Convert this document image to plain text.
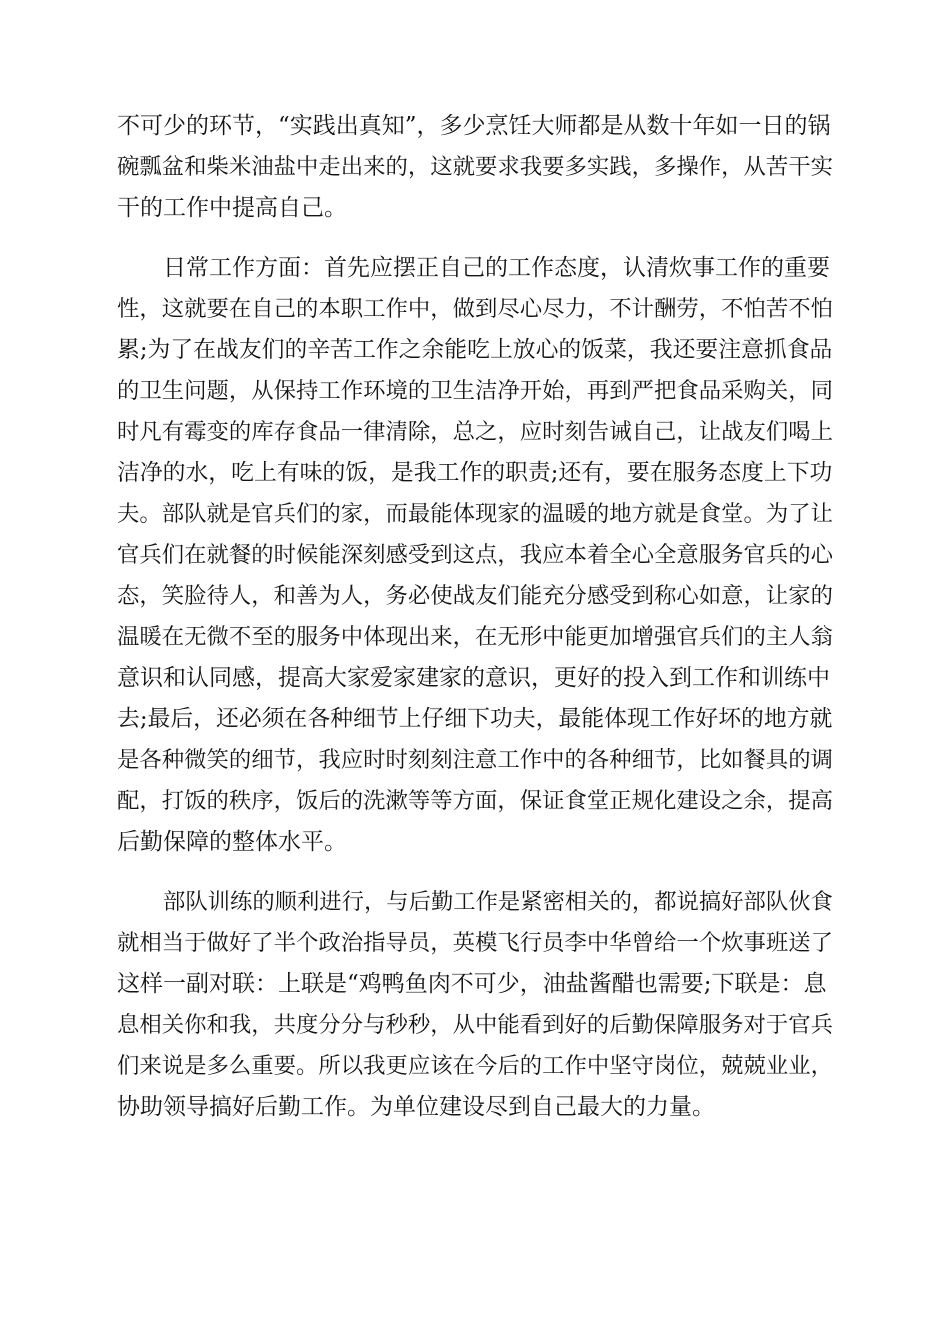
不可少的环节，“实践出真知”，多少烹饪大师都是从数十年如一日的锅
碗瓢盆和柴米油盐中走出来的，这就要求我要多实践，多操作，从苦干实
干的工作中提高自己。
日常工作方面：首先应摆正自己的工作态度，认清炊事工作的重要
性，这就要在自己的本职工作中，做到尽心尽力，不计酬劳，不怕苦不怕
累;为了在战友们的辛苦工作之余能吃上放心的饭菜，我还要注意抓食品
的卫生问题，从保持工作环境的卫生洁净开始，再到严把食品采购关，同
时凡有霉变的库存食品一律清除，总之，应时刻告诫自己，让战友们喝上
洁净的水，吃上有味的饭，是我工作的职责;还有，要在服务态度上下功
夫。部队就是官兵们的家，而最能体现家的温暖的地方就是食堂。为了让
官兵们在就餐的时候能深刻感受到这点，我应本着全心全意服务官兵的心
态，笑脸待人，和善为人，务必使战友们能充分感受到称心如意，让家的
温暖在无微不至的服务中体现出来，在无形中能更加增强官兵们的主人翁
意识和认同感，提高大家爱家建家的意识，更好的投入到工作和训练中
去;最后，还必须在各种细节上仔细下功夫，最能体现工作好坏的地方就
是各种微笑的细节，我应时时刻刻注意工作中的各种细节，比如餐具的调
配，打饭的秩序，饭后的洗漱等等方面，保证食堂正规化建设之余，提高
后勤保障的整体水平。
部队训练的顺利进行，与后勤工作是紧密相关的，都说搞好部队伙食
就相当于做好了半个政治指导员，英模飞行员李中华曾给一个炊事班送了
这样一副对联：上联是“鸡鸭鱼肉不可少，油盐酱醋也需要;下联是：息
息相关你和我，共度分分与秒秒，从中能看到好的后勤保障服务对于官兵
们来说是多么重要。所以我更应该在今后的工作中坚守岗位，兢兢业业，
协助领导搞好后勤工作。为单位建设尽到自己最大的力量。
